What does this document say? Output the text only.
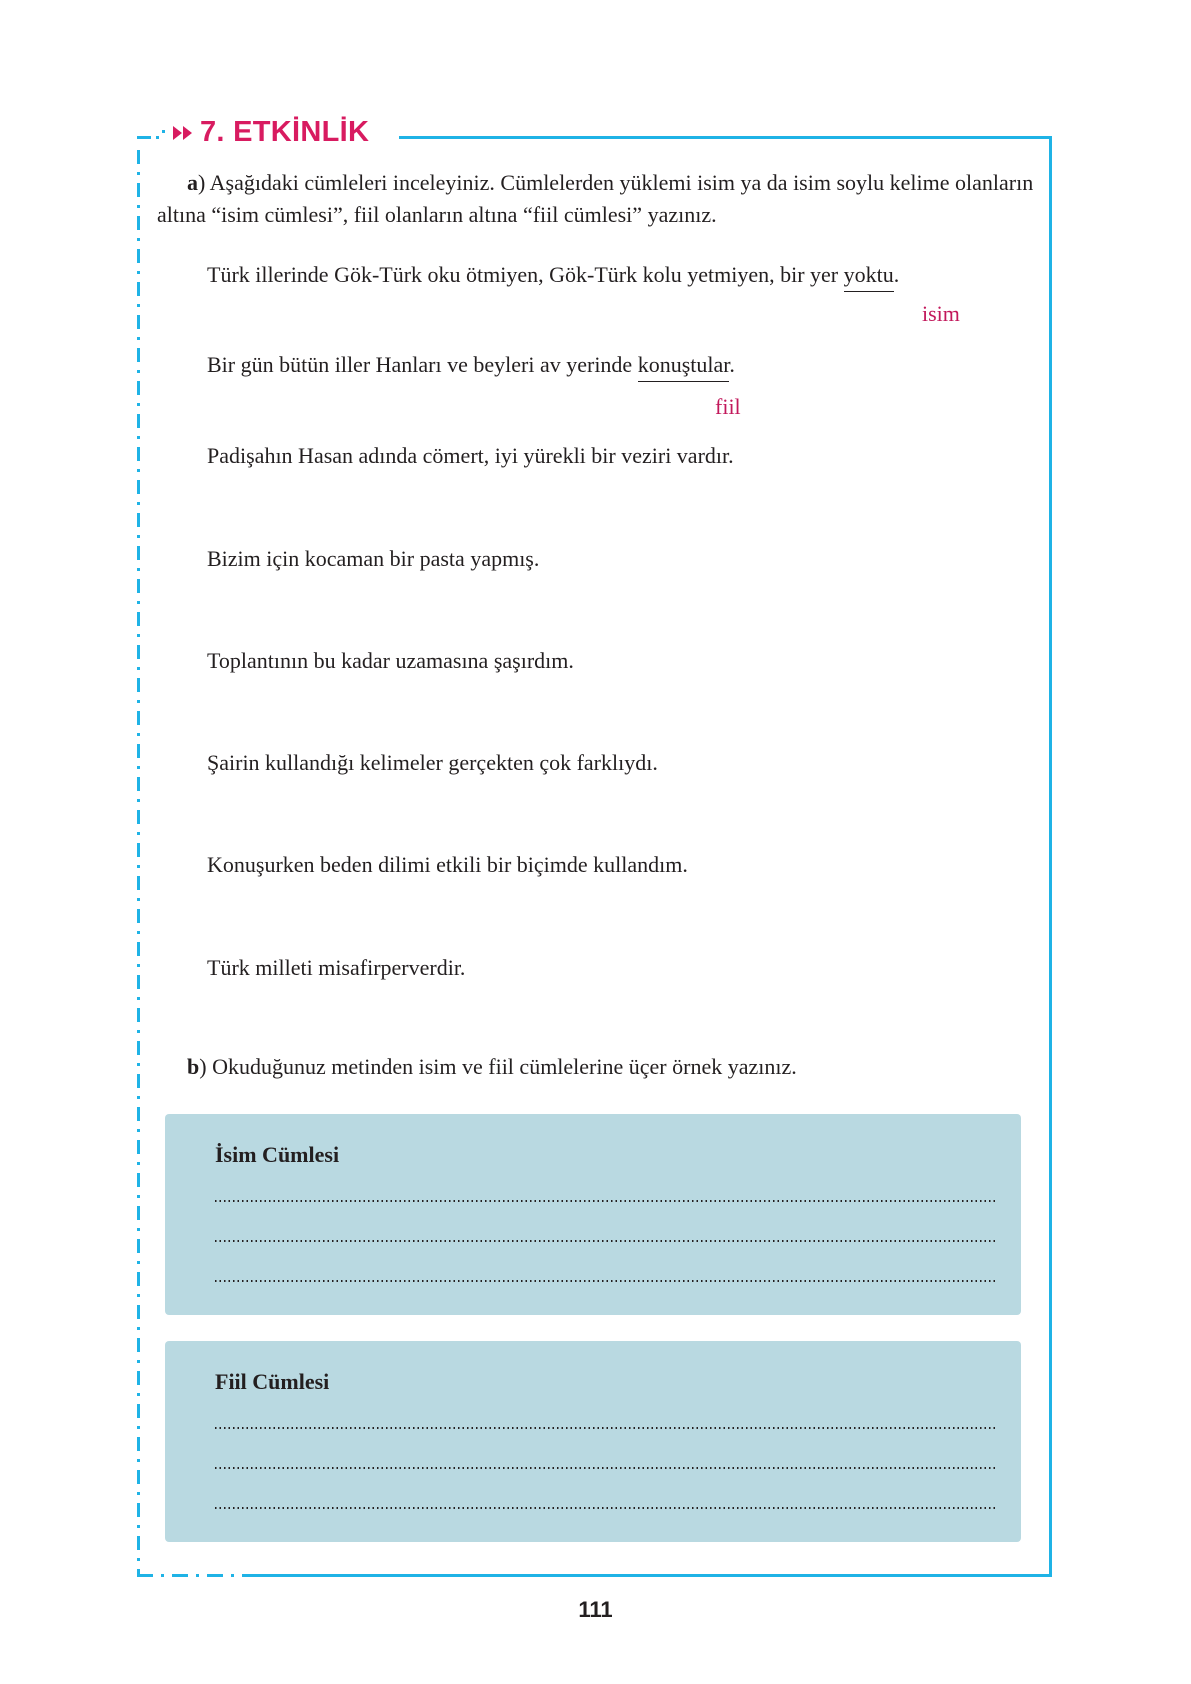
7. ETKİNLİK
a) Aşağıdaki cümleleri inceleyiniz. Cümlelerden yüklemi isim ya da isim soylu kelime olanların altına “isim cümlesi”, fiil olanların altına “fiil cümlesi” yazınız.
Türk illerinde Gök-Türk oku ötmiyen, Gök-Türk kolu yetmiyen, bir yer yoktu.
isim
Bir gün bütün iller Hanları ve beyleri av yerinde konuştular.
fiil
Padişahın Hasan adında cömert, iyi yürekli bir veziri vardır.
Bizim için kocaman bir pasta yapmış.
Toplantının bu kadar uzamasına şaşırdım.
Şairin kullandığı kelimeler gerçekten çok farklıydı.
Konuşurken beden dilimi etkili bir biçimde kullandım.
Türk milleti misafirperverdir.
b) Okuduğunuz metinden isim ve fiil cümlelerine üçer örnek yazınız.
İsim Cümlesi
Fiil Cümlesi
111
